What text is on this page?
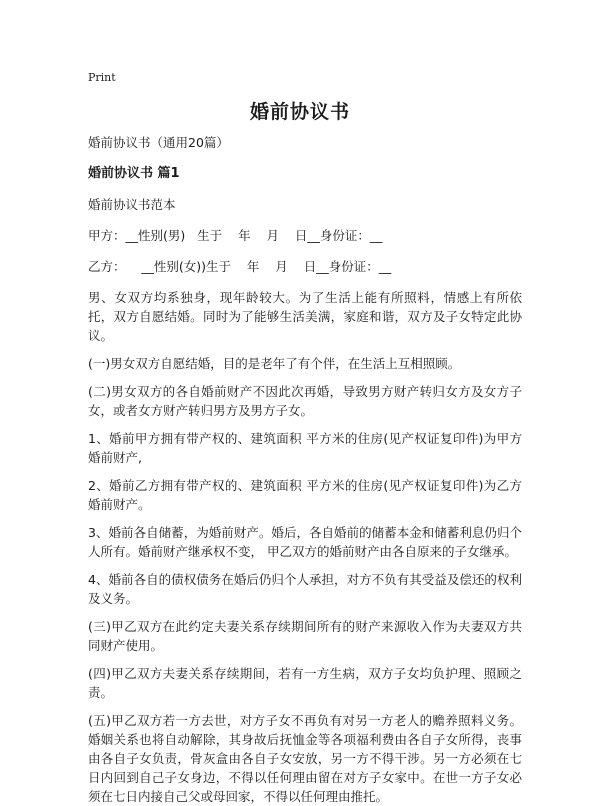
Print
婚前协议书

婚前协议书（通用20篇）

婚前协议书 篇1

婚前协议书范本

甲方：__性别(男)   生于    年    月    日__身份证：__

乙方：    __性别(女))生于    年    月    日__身份证：__

男、女双方均系独身，现年龄较大。为了生活上能有所照料，情感上有所依托，双方自愿结婚。同时为了能够生活美满，家庭和谐，双方及子女特定此协议。

(一)男女双方自愿结婚，目的是老年了有个伴，在生活上互相照顾。

(二)男女双方的各自婚前财产不因此次再婚，导致男方财产转归女方及女方子女，或者女方财产转归男方及男方子女。

1、婚前甲方拥有带产权的、建筑面积 平方米的住房(见产权证复印件)为甲方婚前财产,

2、婚前乙方拥有带产权的、建筑面积 平方米的住房(见产权证复印件)为乙方婚前财产。

3、婚前各自储蓄，为婚前财产。婚后，各自婚前的储蓄本金和储蓄利息仍归个人所有。婚前财产继承权不变， 甲乙双方的婚前财产由各自原来的子女继承。

4、婚前各自的债权债务在婚后仍归个人承担，对方不负有其受益及偿还的权利及义务。

(三)甲乙双方在此约定夫妻关系存续期间所有的财产来源收入作为夫妻双方共同财产使用。

(四)甲乙双方夫妻关系存续期间，若有一方生病，双方子女均负护理、照顾之责。

(五)甲乙双方若一方去世，对方子女不再负有对另一方老人的赡养照料义务。婚姻关系也将自动解除，其身故后抚恤金等各项福利费由各自子女所得，丧事由各自子女负责，骨灰盒由各自子女安放，另一方不得干涉。另一方必须在七日内回到自己子女身边，不得以任何理由留在对方子女家中。在世一方子女必须在七日内接自己父或母回家，不得以任何理由推托。
